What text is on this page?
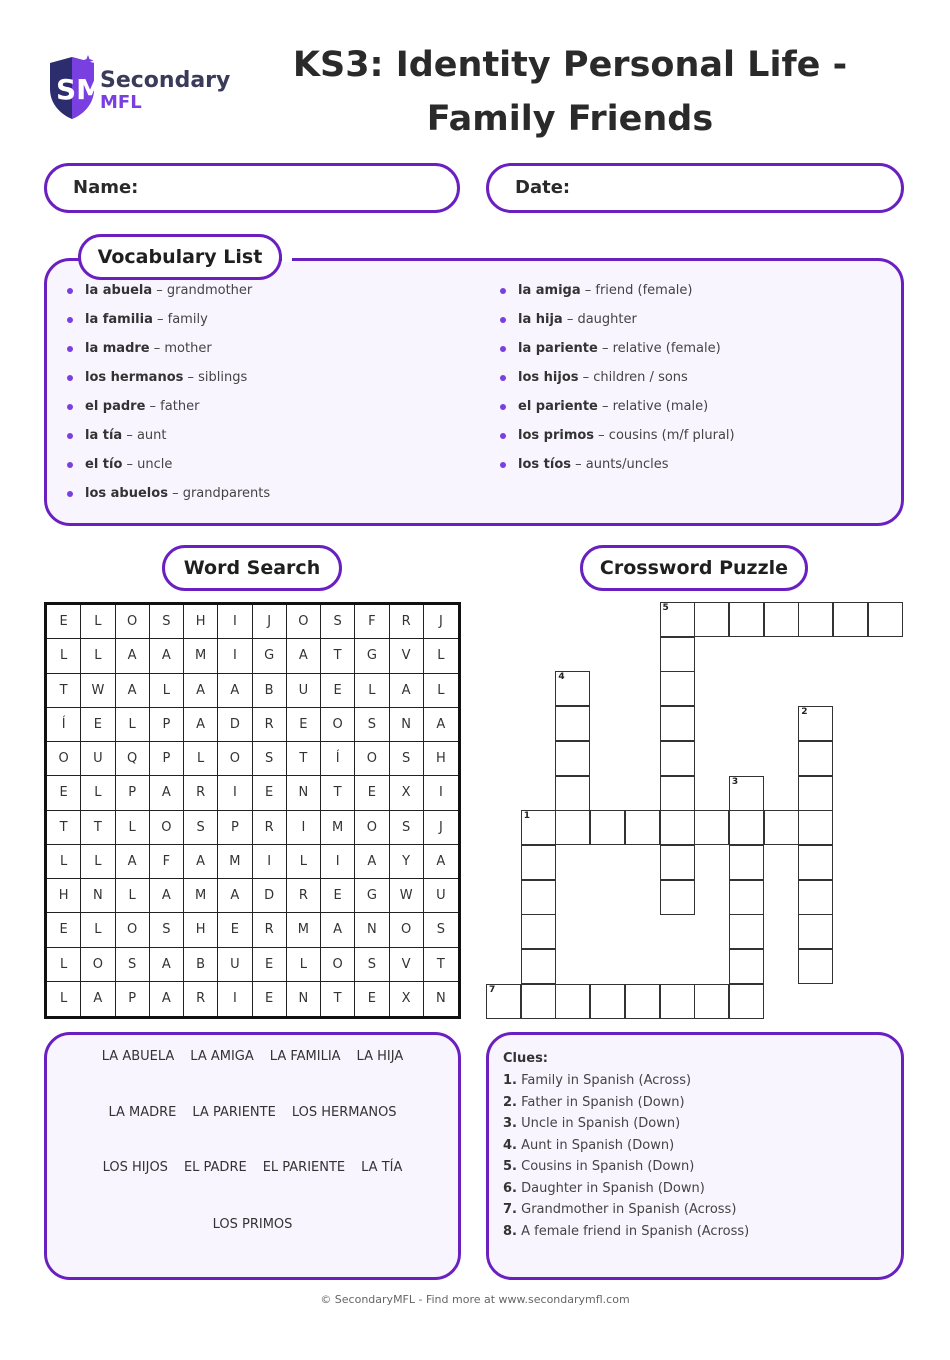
SM
Secondary
MFL
KS3: Identity Personal Life -
Family Friends
Name:	Date:
Vocabulary List
la abuela – grandmother
la familia – family
la madre – mother
los hermanos – siblings
el padre – father
la tía – aunt
el tío – uncle
los abuelos – grandparents
la amiga – friend (female)
la hija – daughter
la pariente – relative (female)
los hijos – children / sons
el pariente – relative (male)
los primos – cousins (m/f plural)
los tíos – aunts/uncles
Word Search	Crossword Puzzle
E	L	O	S	H	I	J	O	S	F	R	J
L	L	A	A	M	I	G	A	T	G	V	L
T	W	A	L	A	A	B	U	E	L	A	L
Í	E	L	P	A	D	R	E	O	S	N	A
O	U	Q	P	L	O	S	T	Í	O	S	H
E	L	P	A	R	I	E	N	T	E	X	I
T	T	L	O	S	P	R	I	M	O	S	J
L	L	A	F	A	M	I	L	I	A	Y	A
H	N	L	A	M	A	D	R	E	G	W	U
E	L	O	S	H	E	R	M	A	N	O	S
L	O	S	A	B	U	E	L	O	S	V	T
L	A	P	A	R	I	E	N	T	E	X	N
5
4
2
3
1
7
LA ABUELA LA AMIGA LA FAMILIA LA HIJA
LA MADRE LA PARIENTE LOS HERMANOS
LOS HIJOS EL PADRE EL PARIENTE LA TÍA
LOS PRIMOS
Clues:
1. Family in Spanish (Across)
2. Father in Spanish (Down)
3. Uncle in Spanish (Down)
4. Aunt in Spanish (Down)
5. Cousins in Spanish (Down)
6. Daughter in Spanish (Down)
7. Grandmother in Spanish (Across)
8. A female friend in Spanish (Across)
© SecondaryMFL - Find more at www.secondarymfl.com
